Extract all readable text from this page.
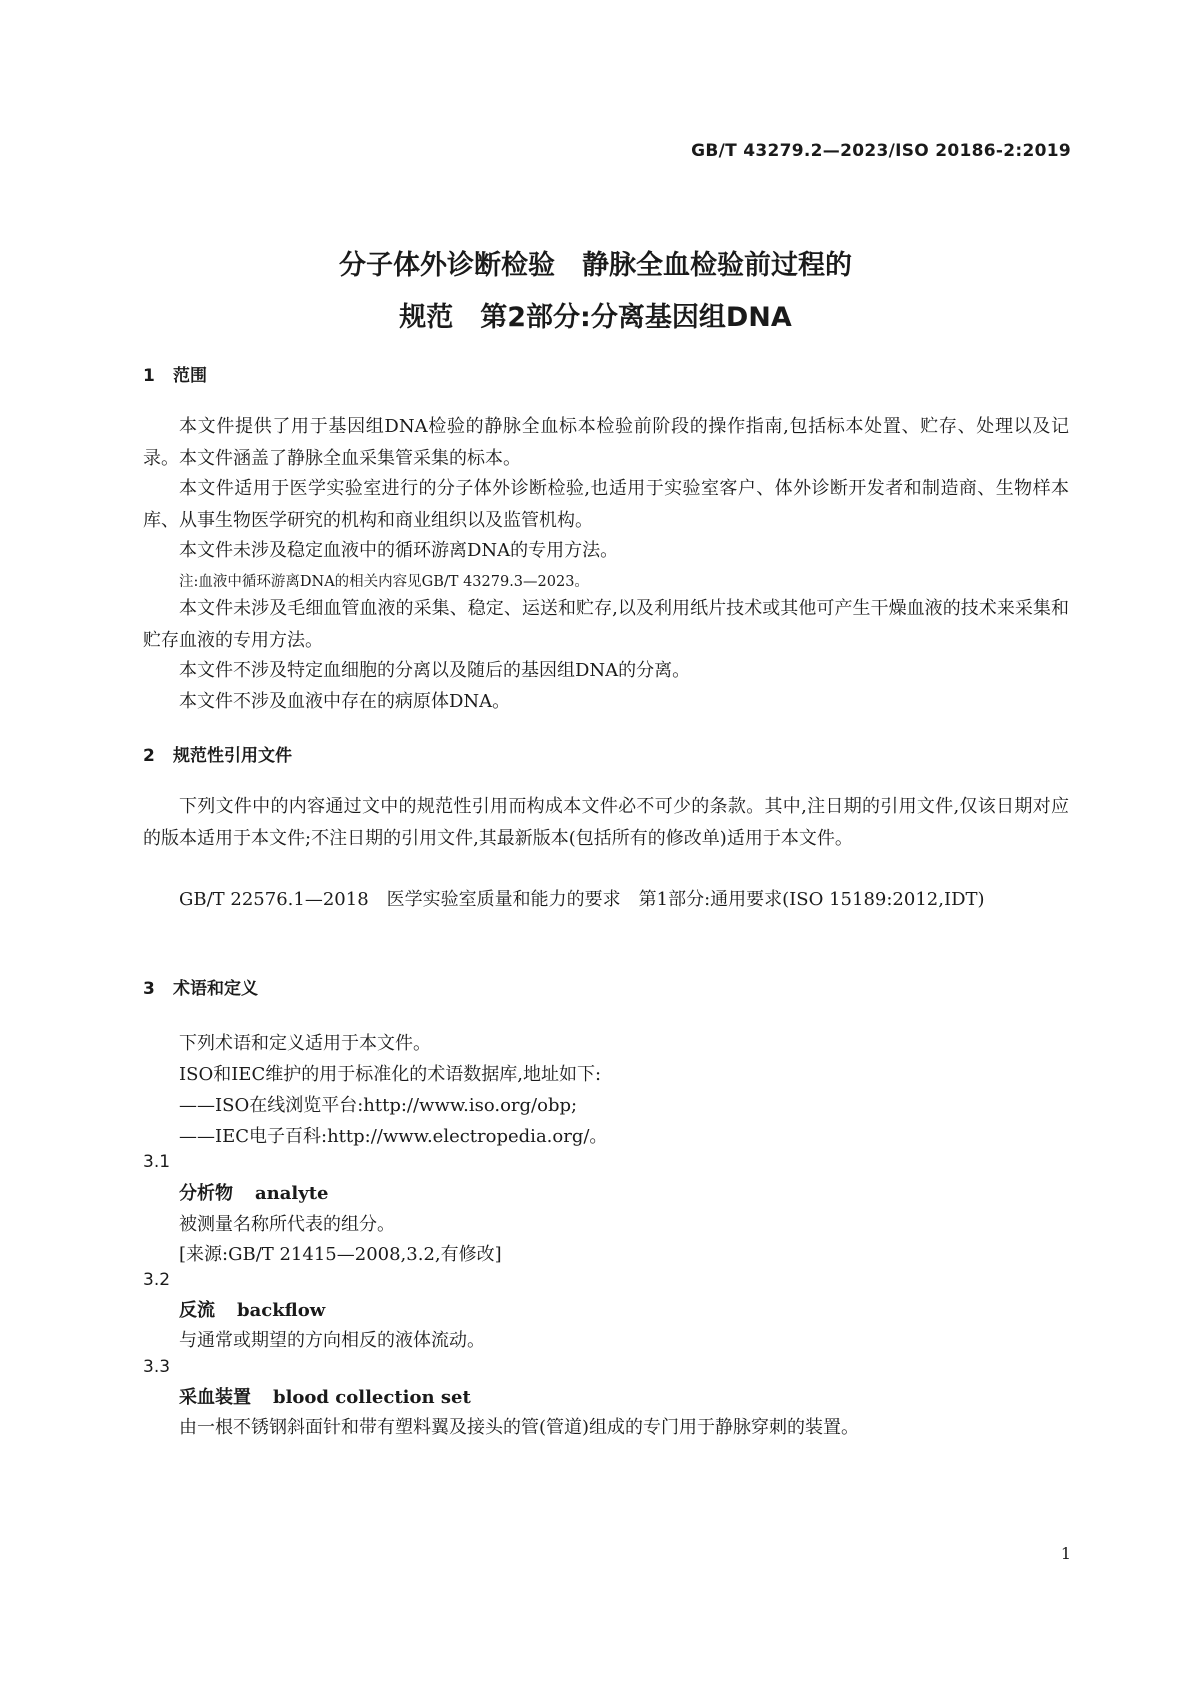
GB/T 43279.2—2023/ISO 20186-2:2019
分子体外诊断检验　静脉全血检验前过程的
规范　第2部分:分离基因组DNA
1 范围
本文件提供了用于基因组DNA检验的静脉全血标本检验前阶段的操作指南,包括标本处置、贮存、处理以及记录。本文件涵盖了静脉全血采集管采集的标本。
本文件适用于医学实验室进行的分子体外诊断检验,也适用于实验室客户、体外诊断开发者和制造商、生物样本库、从事生物医学研究的机构和商业组织以及监管机构。
本文件未涉及稳定血液中的循环游离DNA的专用方法。
注:血液中循环游离DNA的相关内容见GB/T 43279.3—2023。
本文件未涉及毛细血管血液的采集、稳定、运送和贮存,以及利用纸片技术或其他可产生干燥血液的技术来采集和贮存血液的专用方法。
本文件不涉及特定血细胞的分离以及随后的基因组DNA的分离。
本文件不涉及血液中存在的病原体DNA。
2 规范性引用文件
下列文件中的内容通过文中的规范性引用而构成本文件必不可少的条款。其中,注日期的引用文件,仅该日期对应的版本适用于本文件;不注日期的引用文件,其最新版本(包括所有的修改单)适用于本文件。
GB/T 22576.1—2018　医学实验室质量和能力的要求　第1部分:通用要求(ISO 15189:2012,IDT)
3 术语和定义
下列术语和定义适用于本文件。
ISO和IEC维护的用于标准化的术语数据库,地址如下:
——ISO在线浏览平台:http://www.iso.org/obp;
——IEC电子百科:http://www.electropedia.org/。
3.1
分析物 analyte
被测量名称所代表的组分。
[来源:GB/T 21415—2008,3.2,有修改]
3.2
反流 backflow
与通常或期望的方向相反的液体流动。
3.3
采血装置 blood collection set
由一根不锈钢斜面针和带有塑料翼及接头的管(管道)组成的专门用于静脉穿刺的装置。
1
